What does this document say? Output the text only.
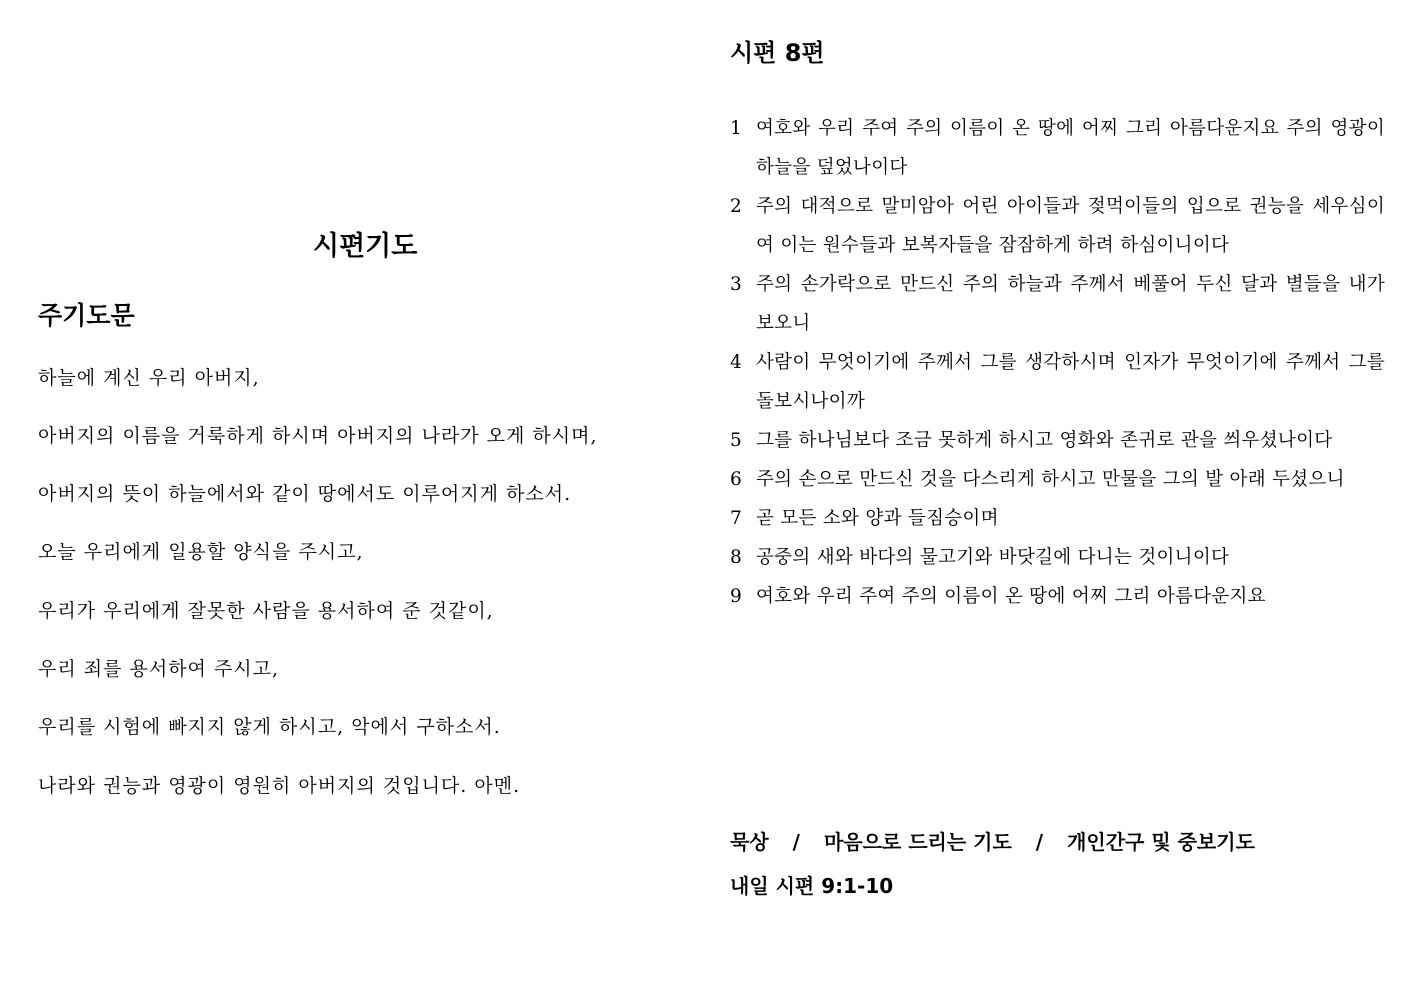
시편기도
주기도문
하늘에 계신 우리 아버지,
아버지의 이름을 거룩하게 하시며 아버지의 나라가 오게 하시며,
아버지의 뜻이 하늘에서와 같이 땅에서도 이루어지게 하소서.
오늘 우리에게 일용할 양식을 주시고,
우리가 우리에게 잘못한 사람을 용서하여 준 것같이,
우리 죄를 용서하여 주시고,
우리를 시험에 빠지지 않게 하시고, 악에서 구하소서.
나라와 권능과 영광이 영원히 아버지의 것입니다. 아멘.
시편 8편
1 여호와 우리 주여 주의 이름이 온 땅에 어찌 그리 아름다운지요 주의 영광이 하늘을 덮었나이다
2 주의 대적으로 말미암아 어린 아이들과 젖먹이들의 입으로 권능을 세우심이여 이는 원수들과 보복자들을 잠잠하게 하려 하심이니이다
3 주의 손가락으로 만드신 주의 하늘과 주께서 베풀어 두신 달과 별들을 내가 보오니
4 사람이 무엇이기에 주께서 그를 생각하시며 인자가 무엇이기에 주께서 그를 돌보시나이까
5 그를 하나님보다 조금 못하게 하시고 영화와 존귀로 관을 씌우셨나이다
6 주의 손으로 만드신 것을 다스리게 하시고 만물을 그의 발 아래 두셨으니
7 곧 모든 소와 양과 들짐승이며
8 공중의 새와 바다의 물고기와 바닷길에 다니는 것이니이다
9 여호와 우리 주여 주의 이름이 온 땅에 어찌 그리 아름다운지요
묵상 / 마음으로 드리는 기도 / 개인간구 및 중보기도
내일 시편 9:1-10
